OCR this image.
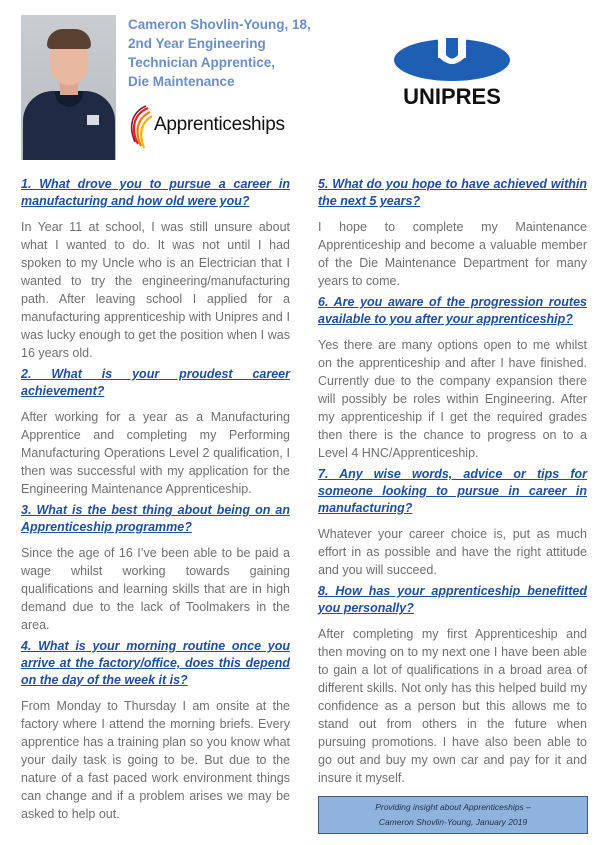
Cameron Shovlin-Young, 18,
2nd Year Engineering
Technician Apprentice,
Die Maintenance
Apprenticeships
UNIPRES
1. What drove you to pursue a career in manufacturing and how old were you?
In Year 11 at school, I was still unsure about what I wanted to do. It was not until I had spoken to my Uncle who is an Electrician that I wanted to try the engineering/manufacturing path. After leaving school I applied for a manufacturing apprenticeship with Unipres and I was lucky enough to get the position when I was 16 years old.
2. What is your proudest career achievement?
After working for a year as a Manufacturing Apprentice and completing my Performing Manufacturing Operations Level 2 qualification, I then was successful with my application for the Engineering Maintenance Apprenticeship.
3. What is the best thing about being on an Apprenticeship programme?
Since the age of 16 I’ve been able to be paid a wage whilst working towards gaining qualifications and learning skills that are in high demand due to the lack of Toolmakers in the area.
4. What is your morning routine once you arrive at the factory/office, does this depend on the day of the week it is?
From Monday to Thursday I am onsite at the factory where I attend the morning briefs. Every apprentice has a training plan so you know what your daily task is going to be. But due to the nature of a fast paced work environment things can change and if a problem arises we may be asked to help out.
5. What do you hope to have achieved within the next 5 years?
I hope to complete my Maintenance Apprenticeship and become a valuable member of the Die Maintenance Department for many years to come.
6. Are you aware of the progression routes available to you after your apprenticeship?
Yes there are many options open to me whilst on the apprenticeship and after I have finished. Currently due to the company expansion there will possibly be roles within Engineering. After my apprenticeship if I get the required grades then there is the chance to progress on to a Level 4 HNC/Apprenticeship.
7. Any wise words, advice or tips for someone looking to pursue in career in manufacturing?
Whatever your career choice is, put as much effort in as possible and have the right attitude and you will succeed.
8. How has your apprenticeship benefitted you personally?
After completing my first Apprenticeship and then moving on to my next one I have been able to gain a lot of qualifications in a broad area of different skills. Not only has this helped build my confidence as a person but this allows me to stand out from others in the future when pursuing promotions. I have also been able to go out and buy my own car and pay for it and insure it myself.
Providing insight about Apprenticeships –
Cameron Shovlin-Young, January 2019
